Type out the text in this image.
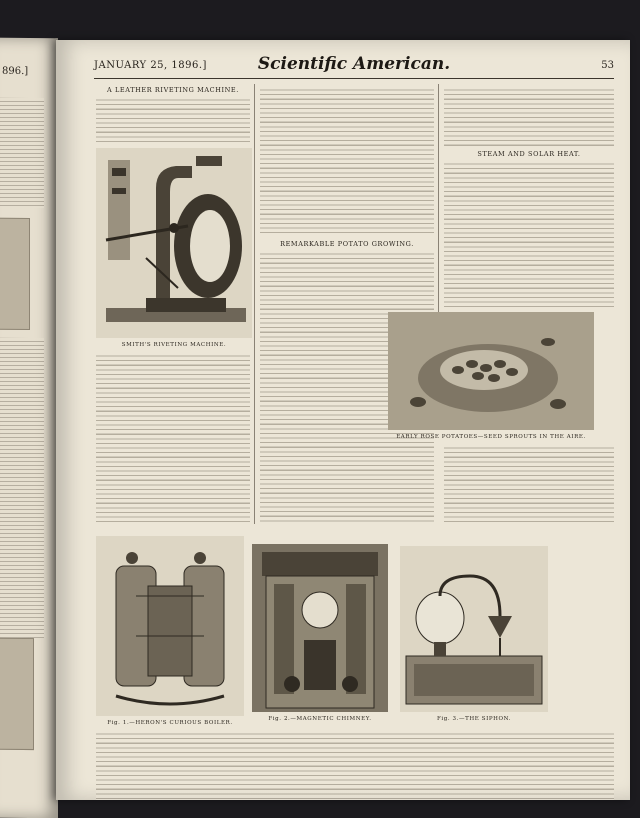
896.]
JANUARY 25, 1896.]	Scientific American.	53
A LEATHER RIVETING MACHINE.
SMITH'S RIVETING MACHINE.
REMARKABLE POTATO GROWING.
STEAM AND SOLAR HEAT.
EARLY ROSE POTATOES—SEED SPROUTS IN THE AIRE.
Fig. 1.—HERON'S CURIOUS BOILER.
Fig. 2.—MAGNETIC CHIMNEY.	Fig. 3.—THE SIPHON.
